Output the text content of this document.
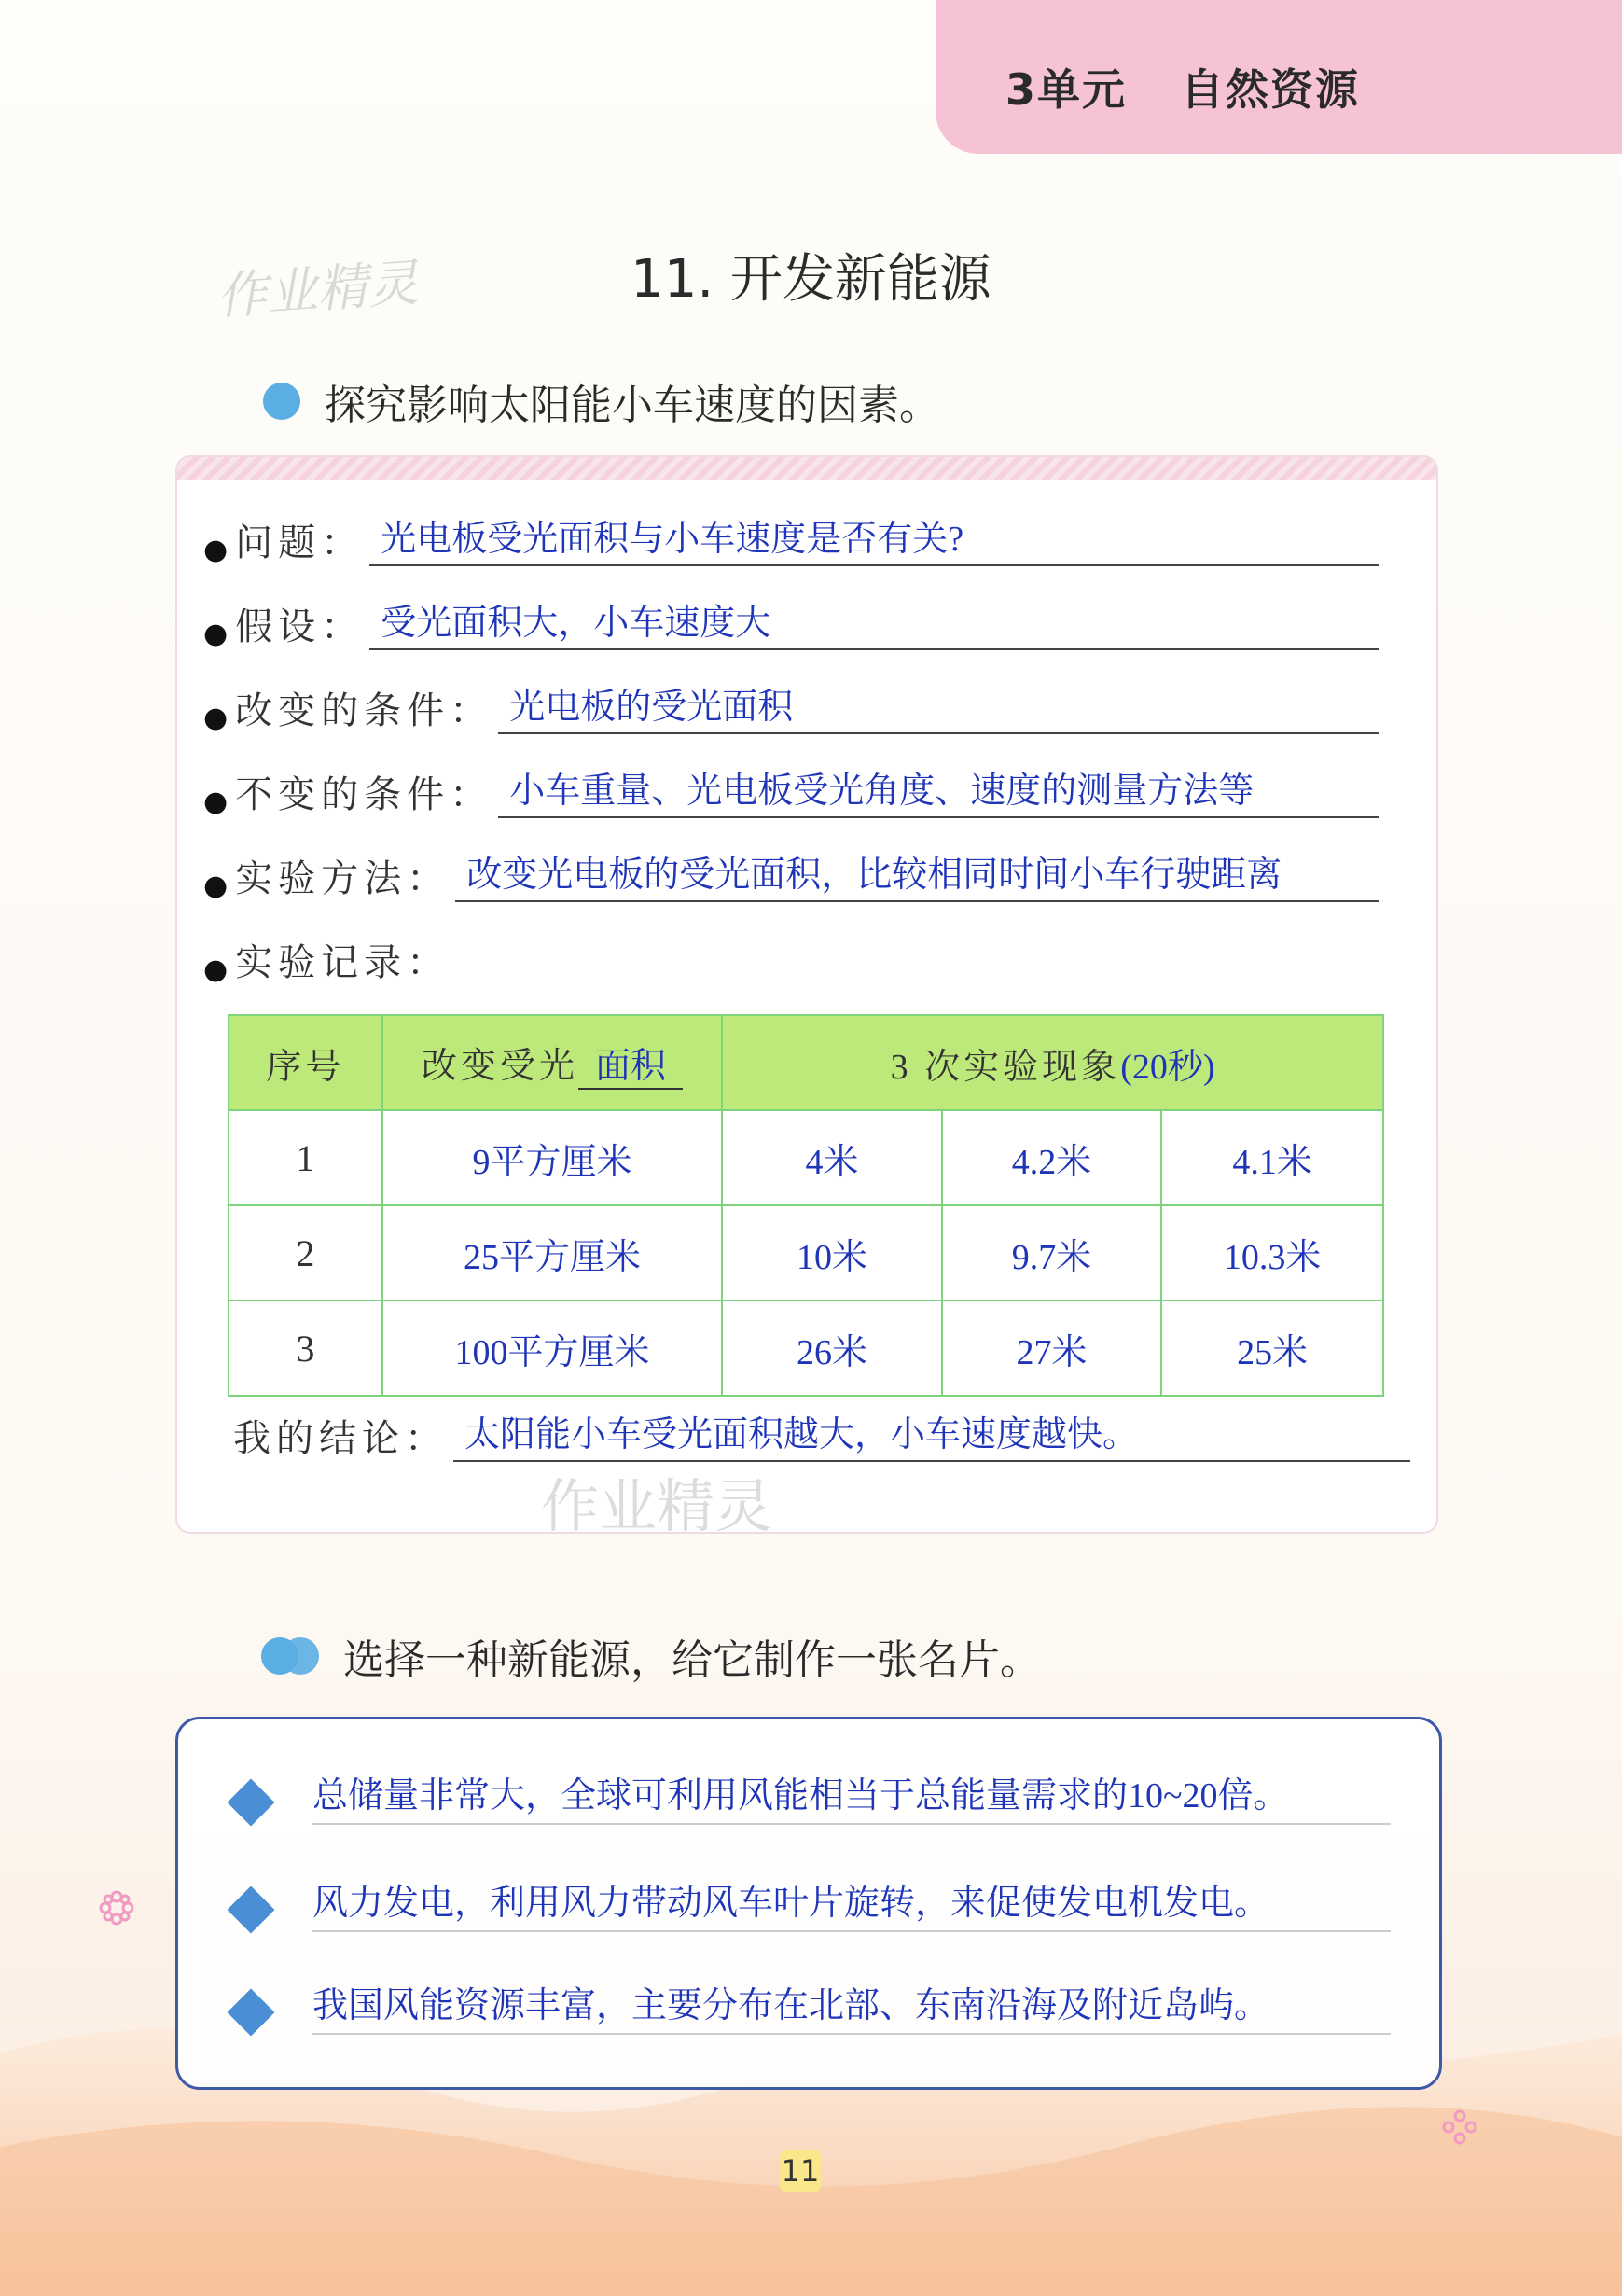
3单元 自然资源
作业精灵	11. 开发新能源
探究影响太阳能小车速度的因素。
● 问题： 光电板受光面积与小车速度是否有关?
● 假设： 受光面积大，小车速度大
● 改变的条件： 光电板的受光面积
● 不变的条件： 小车重量、光电板受光角度、速度的测量方法等
● 实验方法： 改变光电板的受光面积，比较相同时间小车行驶距离
● 实验记录：
序号	改变受光 面积	3 次实验现象(20秒)		
1	9平方厘米	4米	4.2米	4.1米
2	25平方厘米	10米	9.7米	10.3米
3	100平方厘米	26米	27米	25米
我的结论： 太阳能小车受光面积越大，小车速度越快。
作业精灵
选择一种新能源，给它制作一张名片。
总储量非常大，全球可利用风能相当于总能量需求的10~20倍。
风力发电，利用风力带动风车叶片旋转，来促使发电机发电。
我国风能资源丰富，主要分布在北部、东南沿海及附近岛屿。
11
